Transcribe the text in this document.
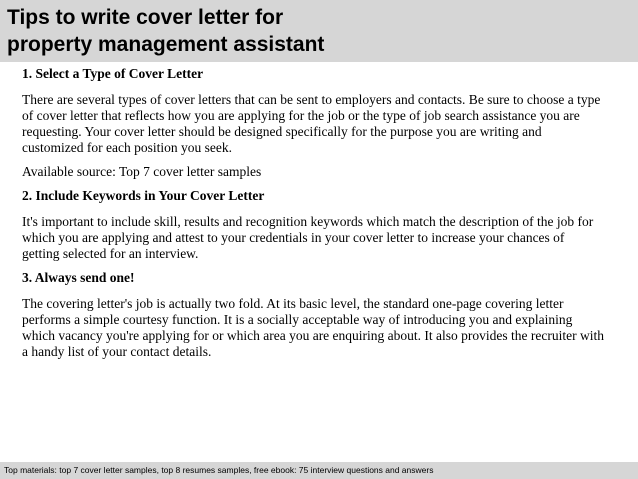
Tips to write cover letter for
property management assistant

1. Select a Type of Cover Letter

There are several types of cover letters that can be sent to employers and contacts. Be sure to choose a type of cover letter that reflects how you are applying for the job or the type of job search assistance you are requesting. Your cover letter should be designed specifically for the purpose you are writing and customized for each position you seek.

Available source: Top 7 cover letter samples

2. Include Keywords in Your Cover Letter

It's important to include skill, results and recognition keywords which match the description of the job for which you are applying and attest to your credentials in your cover letter to increase your chances of getting selected for an interview.

3. Always send one!

The covering letter's job is actually two fold. At its basic level, the standard one-page covering letter performs a simple courtesy function. It is a socially acceptable way of introducing you and explaining which vacancy you're applying for or which area you are enquiring about. It also provides the recruiter with a handy list of your contact details.

Top materials: top 7 cover letter samples, top 8 resumes samples, free ebook: 75 interview questions and answers
